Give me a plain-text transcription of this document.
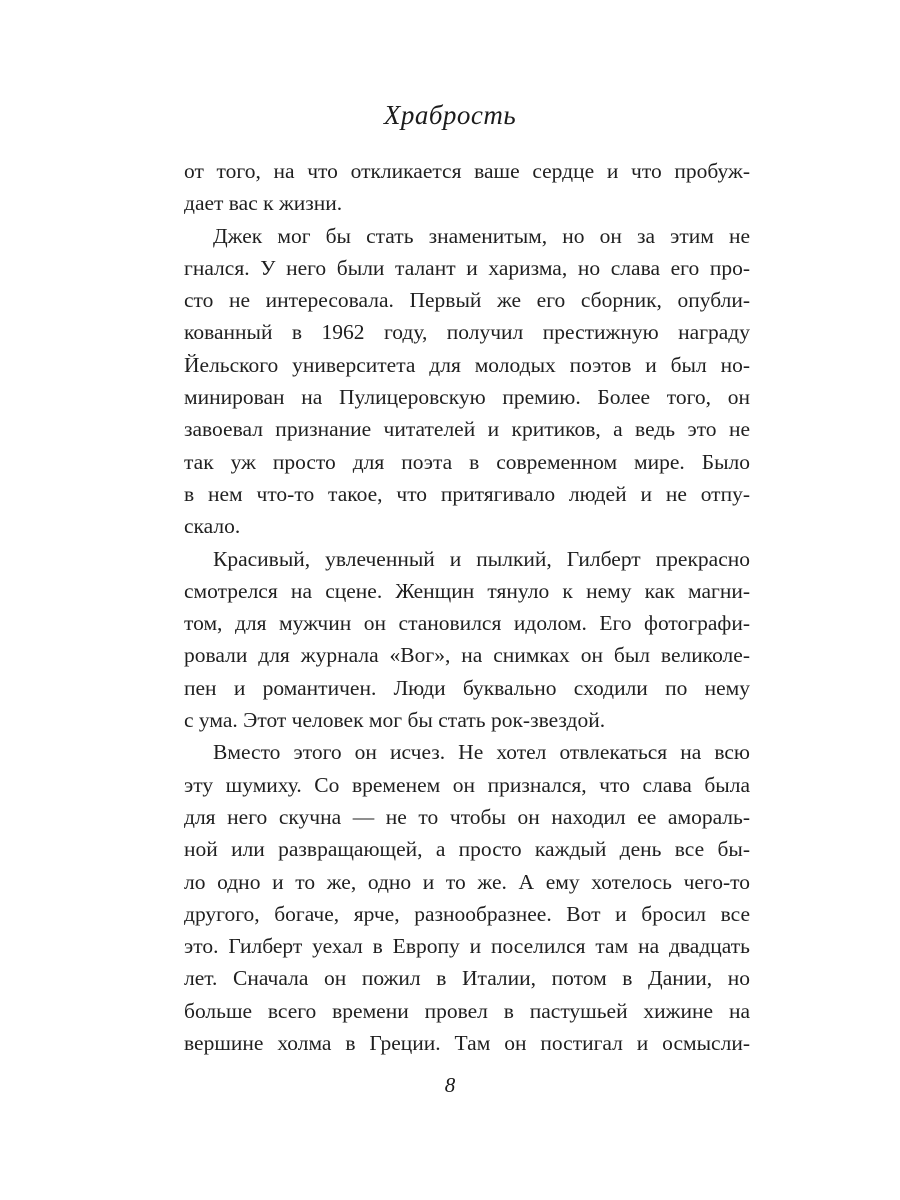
Храбрость
от того, на что откликается ваше сердце и что пробуж-
дает вас к жизни.
Джек мог бы стать знаменитым, но он за этим не
гнался. У него были талант и харизма, но слава его про-
сто не интересовала. Первый же его сборник, опубли-
кованный в 1962 году, получил престижную награду
Йельского университета для молодых поэтов и был но-
минирован на Пулицеровскую премию. Более того, он
завоевал признание читателей и критиков, а ведь это не
так уж просто для поэта в современном мире. Было
в нем что-то такое, что притягивало людей и не отпу-
скало.
Красивый, увлеченный и пылкий, Гилберт прекрасно
смотрелся на сцене. Женщин тянуло к нему как магни-
том, для мужчин он становился идолом. Его фотографи-
ровали для журнала «Вог», на снимках он был великоле-
пен и романтичен. Люди буквально сходили по нему
с ума. Этот человек мог бы стать рок-звездой.
Вместо этого он исчез. Не хотел отвлекаться на всю
эту шумиху. Со временем он признался, что слава была
для него скучна — не то чтобы он находил ее амораль-
ной или развращающей, а просто каждый день все бы-
ло одно и то же, одно и то же. А ему хотелось чего-то
другого, богаче, ярче, разнообразнее. Вот и бросил все
это. Гилберт уехал в Европу и поселился там на двадцать
лет. Сначала он пожил в Италии, потом в Дании, но
больше всего времени провел в пастушьей хижине на
вершине холма в Греции. Там он постигал и осмысли-
8
